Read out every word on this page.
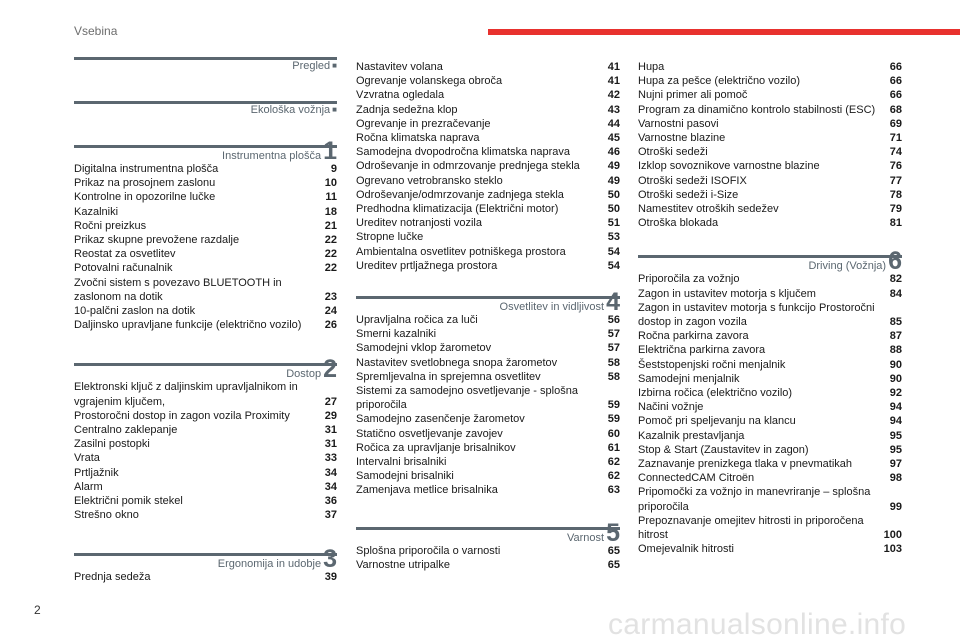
Vsebina
2	carmanualsonline.info
Pregled ■
Ekološka vožnja ■
Instrumentna plošča1
Digitalna instrumentna plošča	9
Prikaz na prosojnem zaslonu	10
Kontrolne in opozorilne lučke	11
Kazalniki	18
Ročni preizkus	21
Prikaz skupne prevožene razdalje	22
Reostat za osvetlitev	22
Potovalni računalnik	22
Zvočni sistem s povezavo BLUETOOTH in zaslonom na dotik	23
10-palčni zaslon na dotik	24
Daljinsko upravljane funkcije (električno vozilo)	26
Dostop2
Elektronski ključ z daljinskim upravljalnikom in vgrajenim ključem,	27
Prostoročni dostop in zagon vozila Proximity	29
Centralno zaklepanje	31
Zasilni postopki	31
Vrata	33
Prtljažnik	34
Alarm	34
Električni pomik stekel	36
Strešno okno	37
Ergonomija in udobje3
Prednja sedeža	39
Nastavitev volana	41
Ogrevanje volanskega obroča	41
Vzvratna ogledala	42
Zadnja sedežna klop	43
Ogrevanje in prezračevanje	44
Ročna klimatska naprava	45
Samodejna dvopodročna klimatska naprava	46
Odroševanje in odmrzovanje prednjega stekla	49
Ogrevano vetrobransko steklo	49
Odroševanje/odmrzovanje zadnjega stekla	50
Predhodna klimatizacija (Električni motor)	50
Ureditev notranjosti vozila	51
Stropne lučke	53
Ambientalna osvetlitev potniškega prostora	54
Ureditev prtljažnega prostora	54
Osvetlitev in vidljivost4
Upravljalna ročica za luči	56
Smerni kazalniki	57
Samodejni vklop žarometov	57
Nastavitev svetlobnega snopa žarometov	58
Spremljevalna in sprejemna osvetlitev	58
Sistemi za samodejno osvetljevanje - splošna priporočila	59
Samodejno zasenčenje žarometov	59
Statično osvetljevanje zavojev	60
Ročica za upravljanje brisalnikov	61
Intervalni brisalniki	62
Samodejni brisalniki	62
Zamenjava metlice brisalnika	63
Varnost5
Splošna priporočila o varnosti	65
Varnostne utripalke	65
Hupa	66
Hupa za pešce (električno vozilo)	66
Nujni primer ali pomoč	66
Program za dinamično kontrolo stabilnosti (ESC)	68
Varnostni pasovi	69
Varnostne blazine	71
Otroški sedeži	74
Izklop sovoznikove varnostne blazine	76
Otroški sedeži ISOFIX	77
Otroški sedeži i-Size	78
Namestitev otroških sedežev	79
Otroška blokada	81
Driving (Vožnja)6
Priporočila za vožnjo	82
Zagon in ustavitev motorja s ključem	84
Zagon in ustavitev motorja s funkcijo Prostoročni dostop in zagon vozila	85
Ročna parkirna zavora	87
Električna parkirna zavora	88
Šeststopenjski ročni menjalnik	90
Samodejni menjalnik	90
Izbirna ročica (električno vozilo)	92
Načini vožnje	94
Pomoč pri speljevanju na klancu	94
Kazalnik prestavljanja	95
Stop & Start (Zaustavitev in zagon)	95
Zaznavanje prenizkega tlaka v pnevmatikah	97
ConnectedCAM Citroën	98
Pripomočki za vožnjo in manevriranje – splošna priporočila	99
Prepoznavanje omejitev hitrosti in priporočena hitrost	100
Omejevalnik hitrosti	103
